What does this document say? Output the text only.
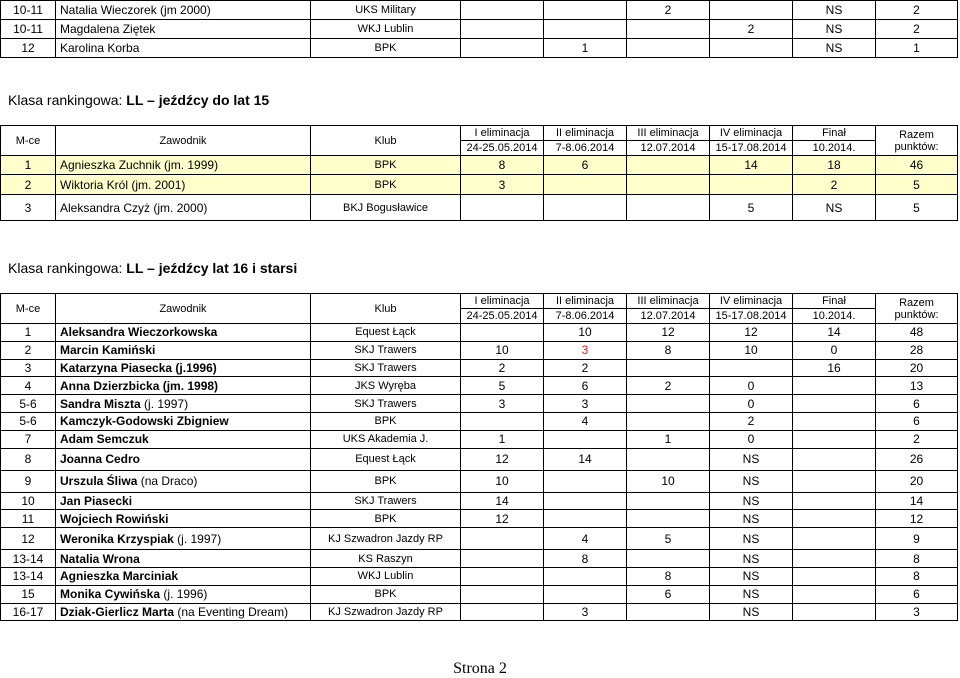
10-11	Natalia Wieczorek (jm 2000)	UKS Military			2		NS	2
10-11	Magdalena Ziętek	WKJ Lublin				2	NS	2
12	Karolina Korba	BPK		1			NS	1
Klasa rankingowa: LL – jeźdźcy do lat 15
M-ce	Zawodnik	Klub	I eliminacja	II eliminacja	III eliminacja	IV eliminacja	Finał	Razem punktów:
			24-25.05.2014	7-8.06.2014	12.07.2014	15-17.08.2014	10.2014.	
1	Agnieszka Zuchnik (jm. 1999)	BPK	8	6		14	18	46
2	Wiktoria Król (jm. 2001)	BPK	3				2	5
3	Aleksandra Czyż (jm. 2000)	BKJ Bogusławice				5	NS	5
Klasa rankingowa: LL – jeźdźcy lat 16 i starsi
M-ce	Zawodnik	Klub	I eliminacja	II eliminacja	III eliminacja	IV eliminacja	Finał	Razem punktów:
			24-25.05.2014	7-8.06.2014	12.07.2014	15-17.08.2014	10.2014.	
1	Aleksandra Wieczorkowska	Equest Łąck		10	12	12	14	48
2	Marcin Kamiński	SKJ Trawers	10	3	8	10	0	28
3	Katarzyna Piasecka (j.1996)	SKJ Trawers	2	2			16	20
4	Anna Dzierzbicka (jm. 1998)	JKS Wyręba	5	6	2	0		13
5-6	Sandra Miszta (j. 1997)	SKJ Trawers	3	3		0		6
5-6	Kamczyk-Godowski Zbigniew	BPK		4		2		6
7	Adam Semczuk	UKS Akademia J.	1		1	0		2
8	Joanna Cedro	Equest Łąck	12	14		NS		26
9	Urszula Śliwa (na Draco)	BPK	10		10	NS		20
10	Jan Piasecki	SKJ Trawers	14			NS		14
11	Wojciech Rowiński	BPK	12			NS		12
12	Weronika Krzyspiak (j. 1997)	KJ Szwadron Jazdy RP		4	5	NS		9
13-14	Natalia Wrona	KS Raszyn		8		NS		8
13-14	Agnieszka Marciniak	WKJ Lublin			8	NS		8
15	Monika Cywińska (j. 1996)	BPK			6	NS		6
16-17	Dziak-Gierlicz Marta (na Eventing Dream)	KJ Szwadron Jazdy RP		3		NS		3
Strona 2
